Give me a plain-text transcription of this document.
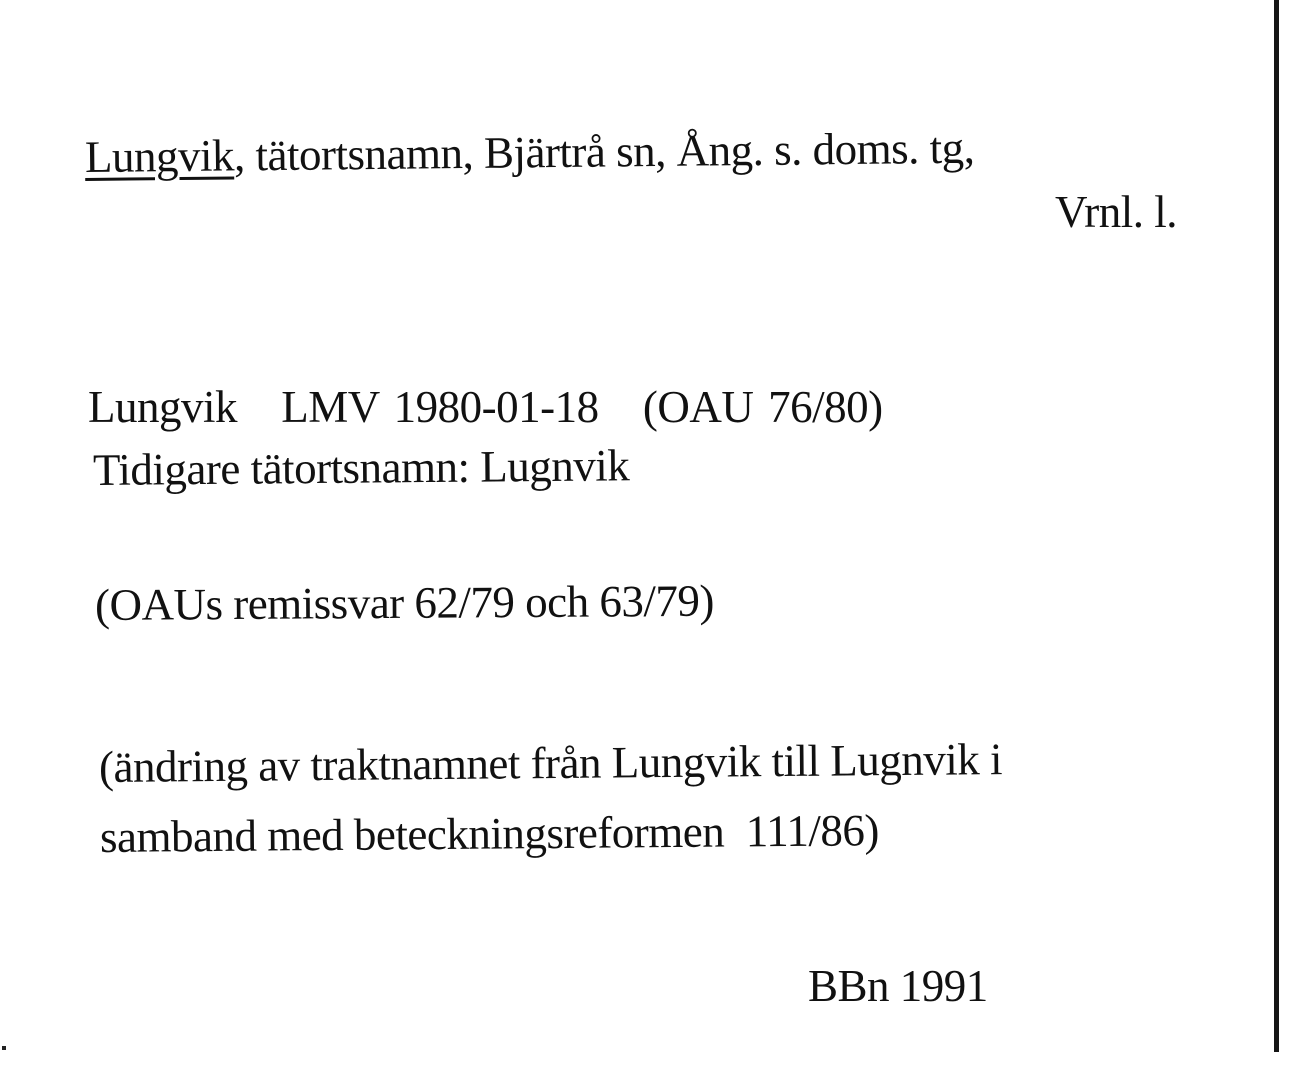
Lungvik, tätortsnamn, Bjärtrå sn, Ång. s. doms. tg,
Vrnl. l.
Lungvik   LMV 1980-01-18   (OAU 76/80)
Tidigare tätortsnamn: Lugnvik
(OAUs remissvar 62/79 och 63/79)
(ändring av traktnamnet från Lungvik till Lugnvik i
samband med beteckningsreformen  111/86)
BBn 1991
